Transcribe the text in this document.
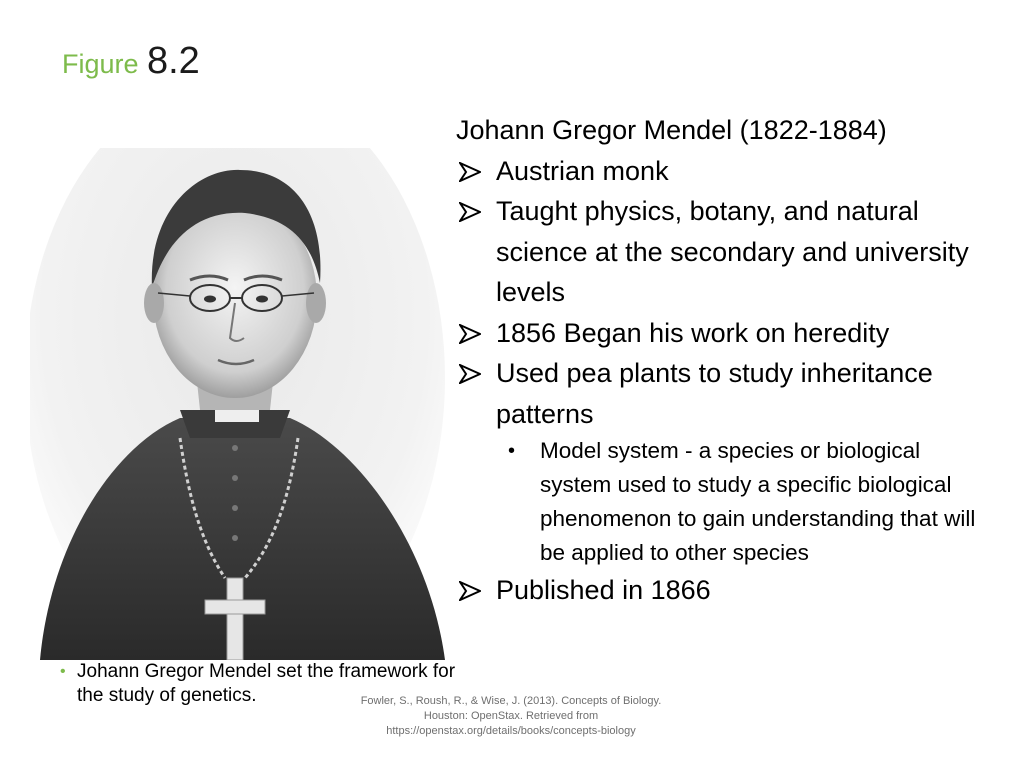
Figure 8.2
Johann Gregor Mendel (1822-1884)
Austrian monk
Taught physics, botany, and natural science at the secondary and university levels
1856 Began his work on heredity
Used pea plants to study inheritance patterns
• Model system - a species or biological system used to study a specific biological phenomenon to gain understanding that will be applied to other species
Published in 1866
• Johann Gregor Mendel set the framework for the study of genetics.	Fowler, S., Roush, R., & Wise, J. (2013). Concepts of Biology.
Houston: OpenStax. Retrieved from
https://openstax.org/details/books/concepts-biology
